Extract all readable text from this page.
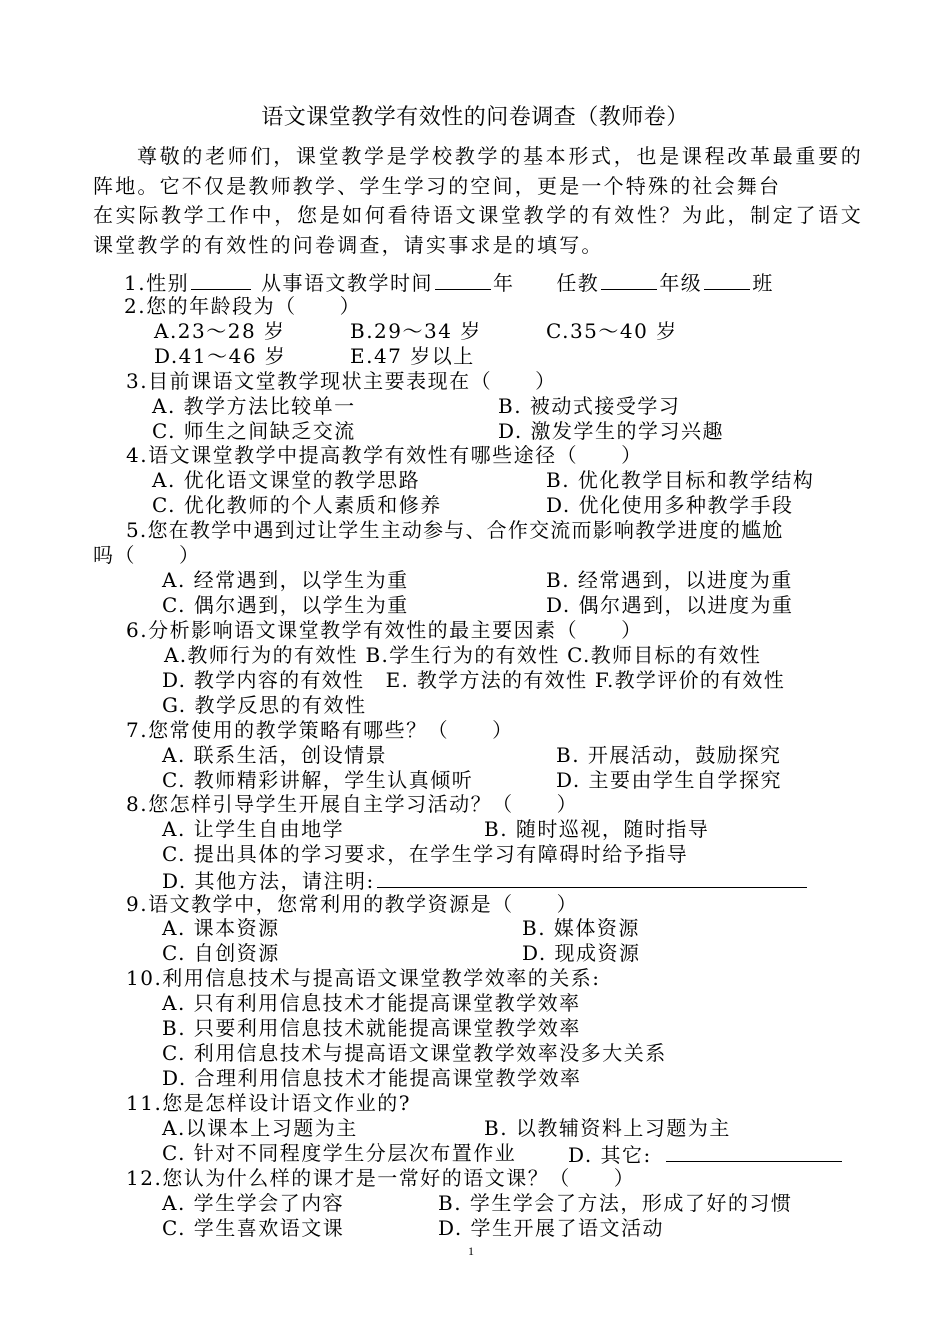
语文课堂教学有效性的问卷调查（教师卷）

尊敬的老师们，课堂教学是学校教学的基本形式，也是课程改革最重要的阵地。它不仅是教师教学、学生学习的空间，更是一个特殊的社会舞台

在实际教学工作中，您是如何看待语文课堂教学的有效性？为此，制定了语文课堂教学的有效性的问卷调查，请实事求是的填写。

1.性别	从事语文教学时间	年 任教	年级	班
2.您的年龄段为（　　）
A.23～28 岁	B.29～34 岁	C.35～40 岁
D.41～46 岁	E.47 岁以上
3.目前课语文堂教学现状主要表现在（　　）
A. 教学方法比较单一	B. 被动式接受学习
C. 师生之间缺乏交流	D. 激发学生的学习兴趣
4.语文课堂教学中提高教学有效性有哪些途径（　　）
A. 优化语文课堂的教学思路	B. 优化教学目标和教学结构
C. 优化教师的个人素质和修养	D. 优化使用多种教学手段
5.您在教学中遇到过让学生主动参与、合作交流而影响教学进度的尴尬
吗（　　）
A. 经常遇到，以学生为重	B. 经常遇到，以进度为重
C. 偶尔遇到，以学生为重	D. 偶尔遇到，以进度为重
6.分析影响语文课堂教学有效性的最主要因素（　　）
A.教师行为的有效性 B.学生行为的有效性 C.教师目标的有效性
D. 教学内容的有效性　E. 教学方法的有效性 F.教学评价的有效性
G. 教学反思的有效性
7.您常使用的教学策略有哪些？（　　）
A. 联系生活，创设情景	B. 开展活动，鼓励探究
C. 教师精彩讲解，学生认真倾听	D. 主要由学生自学探究
8.您怎样引导学生开展自主学习活动？（　　）
A. 让学生自由地学	B. 随时巡视，随时指导
C. 提出具体的学习要求，在学生学习有障碍时给予指导
D. 其他方法，请注明:
9.语文教学中，您常利用的教学资源是（　　）
A. 课本资源	B. 媒体资源
C. 自创资源	D. 现成资源
10.利用信息技术与提高语文课堂教学效率的关系:
A. 只有利用信息技术才能提高课堂教学效率
B. 只要利用信息技术就能提高课堂教学效率
C. 利用信息技术与提高语文课堂教学效率没多大关系
D. 合理利用信息技术才能提高课堂教学效率
11.您是怎样设计语文作业的?
A.以课本上习题为主	B. 以教辅资料上习题为主
C. 针对不同程度学生分层次布置作业	D. 其它:
12.您认为什么样的课才是一常好的语文课？（　　）
A. 学生学会了内容	B. 学生学会了方法，形成了好的习惯
C. 学生喜欢语文课	D. 学生开展了语文活动
1
